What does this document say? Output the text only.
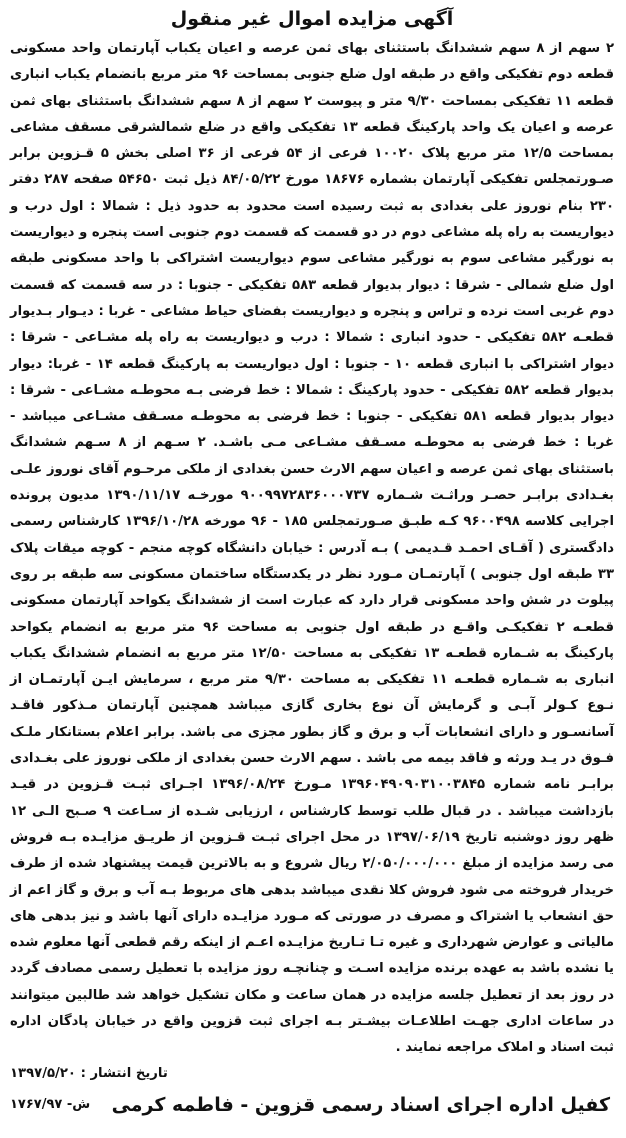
آگهی مزایده اموال غیر منقول
۲ سهم از ۸ سهم ششدانگ باستثنای بهای ثمن عرصه و اعیان یکباب آپارتمان واحد مسکونی قطعه دوم تفکیکی واقع در طبقه اول ضلع جنوبی بمساحت ۹۶ متر مربع بانضمام یکباب انباری قطعه ۱۱ تفکیکی بمساحت ۹/۳۰ متر و پیوست ۲ سهم از ۸ سهم ششدانگ باستثنای بهای ثمن عرصه و اعیان یک واحد پارکینگ قطعه ۱۳ تفکیکی واقع در ضلع شمالشرقی مسقف مشاعی بمساحت ۱۲/۵ متر مربع پلاک ۱۰۰۲۰ فرعی از ۵۴ فرعی از ۳۶ اصلی بخش ۵ قـزوین برابر صـورتمجلس تفکیکی آپارتمان بشماره ۱۸۶۷۶ مورخ ۸۴/۰۵/۲۲ ذیل ثبت ۵۴۶۵۰ صفحه ۲۸۷ دفتر ۲۳۰ بنام نوروز علی بغدادی به ثبت رسیده است محدود به حدود ذیل : شمالا : اول درب و دیواریست به راه پله مشاعی دوم در دو قسمت که قسمت دوم جنوبی است پنجره و دیواریست به نورگیر مشاعی سوم به نورگیر مشاعی سوم دیواریست اشتراکی با واحد مسکونی طبقه اول ضلع شمالی - شرقا : دیوار بدیوار قطعه ۵۸۳ تفکیکی - جنوبا : در سه قسمت که قسمت دوم غربی است نرده و تراس و پنجره و دیواریست بفضای حیاط مشاعی - غربا : دیـوار بـدیوار قطعـه ۵۸۲ تفکیکی - حدود انباری : شمالا : درب و دیواریست به راه پله مشـاعی - شرقا : دیوار اشتراکی با انباری قطعه ۱۰ - جنوبا : اول دیواریست به پارکینگ قطعه ۱۴ - غربا: دیوار بدیوار قطعه ۵۸۲ تفکیکی - حدود پارکینگ : شمالا : خط فرضی بـه محوطـه مشـاعی - شرقا : دیوار بدیوار قطعه ۵۸۱ تفکیکی - جنوبا : خط فرضی به محوطـه مسـقف مشـاعی میباشد - غربا : خط فرضی به محوطـه مسـقف مشـاعی مـی باشـد. ۲ سـهم از ۸ سـهم ششدانگ باستثنای بهای ثمن عرصه و اعیان سهم الارث حسن بغدادی از ملکی مرحـوم آقای نوروز علـی بغـدادی برابـر حصـر وراثـت شـماره ۹۰۰۹۹۷۲۸۳۶۰۰۰۷۳۷ مورخـه ۱۳۹۰/۱۱/۱۷ مدیون پرونده اجرایی کلاسه ۹۶۰۰۴۹۸ کـه طبـق صـورتمجلس ۱۸۵ - ۹۶ مورخه ۱۳۹۶/۱۰/۲۸ کارشناس رسمی دادگستری ( آقـای احمـد قـدیمی ) بـه آدرس : خیابان دانشگاه کوچه منجم - کوچه میقات پلاک ۳۳ طبقه اول جنوبی ) آپارتمـان مـورد نظر در یکدستگاه ساختمان مسکونی سه طبقه بر روی پیلوت در شش واحد مسکونی قرار دارد که عبارت است از ششدانگ یکواحد آپارتمان مسکونی قطعـه ۲ تفکیکـی واقـع در طبقه اول جنوبی به مساحت ۹۶ متر مربع به انضمام یکواحد پارکینگ به شـماره قطعـه ۱۳ تفکیکی به مساحت ۱۲/۵۰ متر مربع به انضمام ششدانگ یکباب انباری به شـماره قطعـه ۱۱ تفکیکی به مساحت ۹/۳۰ متر مربع ، سرمایش ایـن آپارتمـان از نـوع کـولر آبـی و گرمایش آن نوع بخاری گازی میباشد همچنین آپارتمان مـذکور فاقـد آسانسـور و دارای انشعابات آب و برق و گاز بطور مجزی می باشد. برابر اعلام بستانکار ملـک فـوق در یـد ورثه و فاقد بیمه می باشد . سهم الارث حسن بغدادی از ملکی نوروز علی بغـدادی برابـر نامه شماره ۱۳۹۶۰۴۹۰۹۰۳۱۰۰۳۸۴۵ مـورخ ۱۳۹۶/۰۸/۲۴ اجـرای ثبـت قـزوین در قیـد بازداشت میباشد . در قبال طلب توسط کارشناس ، ارزیابی شـده از سـاعت ۹ صـبح الـی ۱۲ ظهر روز دوشنبه تاریخ ۱۳۹۷/۰۶/۱۹ در محل اجرای ثبـت قـزوین از طریـق مزایـده بـه فروش می رسد مزایده از مبلغ ۲/۰۵۰/۰۰۰/۰۰۰ ریال شروع و به بالاترین قیمت پیشنهاد شده از طرف خریدار فروخته می شود فروش کلا نقدی میباشد بدهی های مربوط بـه آب و برق و گاز اعم از حق انشعاب یا اشتراک و مصرف در صورتی که مـورد مزایـده دارای آنها باشد و نیز بدهی های مالیاتی و عوارض شهرداری و غیره تـا تـاریخ مزایـده اعـم از اینکه رقم قطعی آنها معلوم شده یا نشده باشد به عهده برنده مزایده اسـت و چنانچـه روز مزایده با تعطیل رسمی مصادف گردد در روز بعد از تعطیل جلسه مزایده در همان ساعت و مکان تشکیل خواهد شد طالبین میتوانند در ساعات اداری جهـت اطلاعـات بیشـتر بـه اجرای ثبت قزوین واقع در خیابان پادگان اداره ثبت اسناد و املاک مراجعه نمایند .
تاریخ انتشار : ۱۳۹۷/۵/۲۰
کفیل اداره اجرای اسناد رسمی قزوین - فاطمه کرمی
۱۷۶۷/۹۷ -ش
